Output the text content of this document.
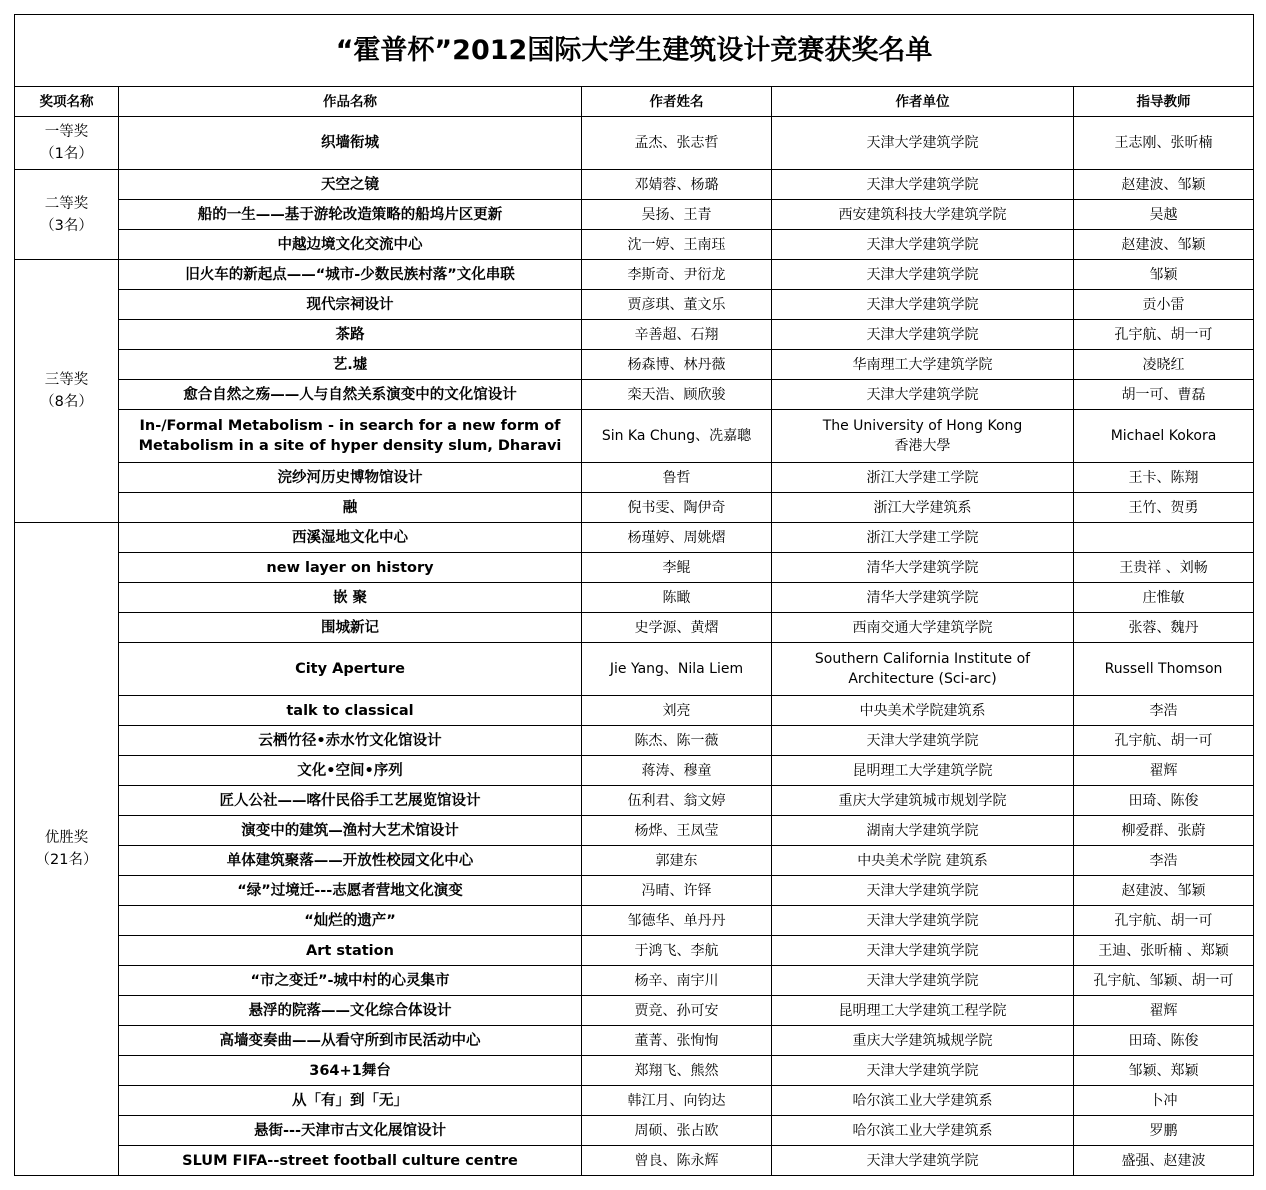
“霍普杯”2012国际大学生建筑设计竞赛获奖名单				
奖项名称	作品名称	作者姓名	作者单位	指导教师

一等奖
（1名）	织墙衔城	孟杰、张志哲	天津大学建筑学院	王志刚、张昕楠

二等奖
（3名）	天空之镜	邓婧蓉、杨璐	天津大学建筑学院	赵建波、邹颖
	船的一生——基于游轮改造策略的船坞片区更新	吴扬、王青	西安建筑科技大学建筑学院	吴越
	中越边境文化交流中心	沈一婷、王南珏	天津大学建筑学院	赵建波、邹颖

三等奖
（8名）	旧火车的新起点——“城市-少数民族村落”文化串联	李斯奇、尹衍龙	天津大学建筑学院	邹颖
	现代宗祠设计	贾彦琪、董文乐	天津大学建筑学院	贡小雷
	茶路	辛善超、石翔	天津大学建筑学院	孔宇航、胡一可
	艺.墟	杨森博、林丹薇	华南理工大学建筑学院	凌晓红
	愈合自然之殇——人与自然关系演变中的文化馆设计	栾天浩、顾欣骏	天津大学建筑学院	胡一可、曹磊

	In-/Formal Metabolism - in search for a new form of
Metabolism in a site of hyper density slum, Dharavi	Sin Ka Chung、冼嘉聰	The University of Hong Kong
香港大學	Michael Kokora
	浣纱河历史博物馆设计	鲁哲	浙江大学建工学院	王卡、陈翔
	融	倪书雯、陶伊奇	浙江大学建筑系	王竹、贺勇

优胜奖
（21名）	西溪湿地文化中心	杨瑾婷、周姚熠	浙江大学建工学院	
	new layer on history	李鲲	清华大学建筑学院	王贵祥 、刘畅
	嵌 聚	陈瞰	清华大学建筑学院	庄惟敏
	围城新记	史学源、黄熠	西南交通大学建筑学院	张蓉、魏丹
	City Aperture	Jie Yang、Nila Liem	Southern California Institute of
Architecture (Sci-arc)	Russell Thomson
	talk to classical	刘亮	中央美术学院建筑系	李浩
	云栖竹径•赤水竹文化馆设计	陈杰、陈一薇	天津大学建筑学院	孔宇航、胡一可
	文化•空间•序列	蒋涛、穆童	昆明理工大学建筑学院	翟辉
	匠人公社——喀什民俗手工艺展览馆设计	伍利君、翁文婷	重庆大学建筑城市规划学院	田琦、陈俊
	演变中的建筑—渔村大艺术馆设计	杨烨、王凤莹	湖南大学建筑学院	柳爱群、张蔚
	单体建筑聚落——开放性校园文化中心	郭建东	中央美术学院 建筑系	李浩
	“绿”过境迁---志愿者营地文化演变	冯晴、许铎	天津大学建筑学院	赵建波、邹颖
	“灿烂的遗产”	邹德华、单丹丹	天津大学建筑学院	孔宇航、胡一可
	Art station	于鸿飞、李航	天津大学建筑学院	王迪、张昕楠 、郑颖
	“市之变迁”-城中村的心灵集市	杨辛、南宇川	天津大学建筑学院	孔宇航、邹颖、胡一可
	悬浮的院落——文化综合体设计	贾竞、孙可安	昆明理工大学建筑工程学院	翟辉
	高墙变奏曲——从看守所到市民活动中心	董菁、张恂恂	重庆大学建筑城规学院	田琦、陈俊
	364+1舞台	郑翔飞、熊然	天津大学建筑学院	邹颖、郑颖
	从「有」到「无」	韩江月、向钧达	哈尔滨工业大学建筑系	卜冲
	悬街---天津市古文化展馆设计	周硕、张占欧	哈尔滨工业大学建筑系	罗鹏
	SLUM FIFA--street football culture centre	曾良、陈永辉	天津大学建筑学院	盛强、赵建波
